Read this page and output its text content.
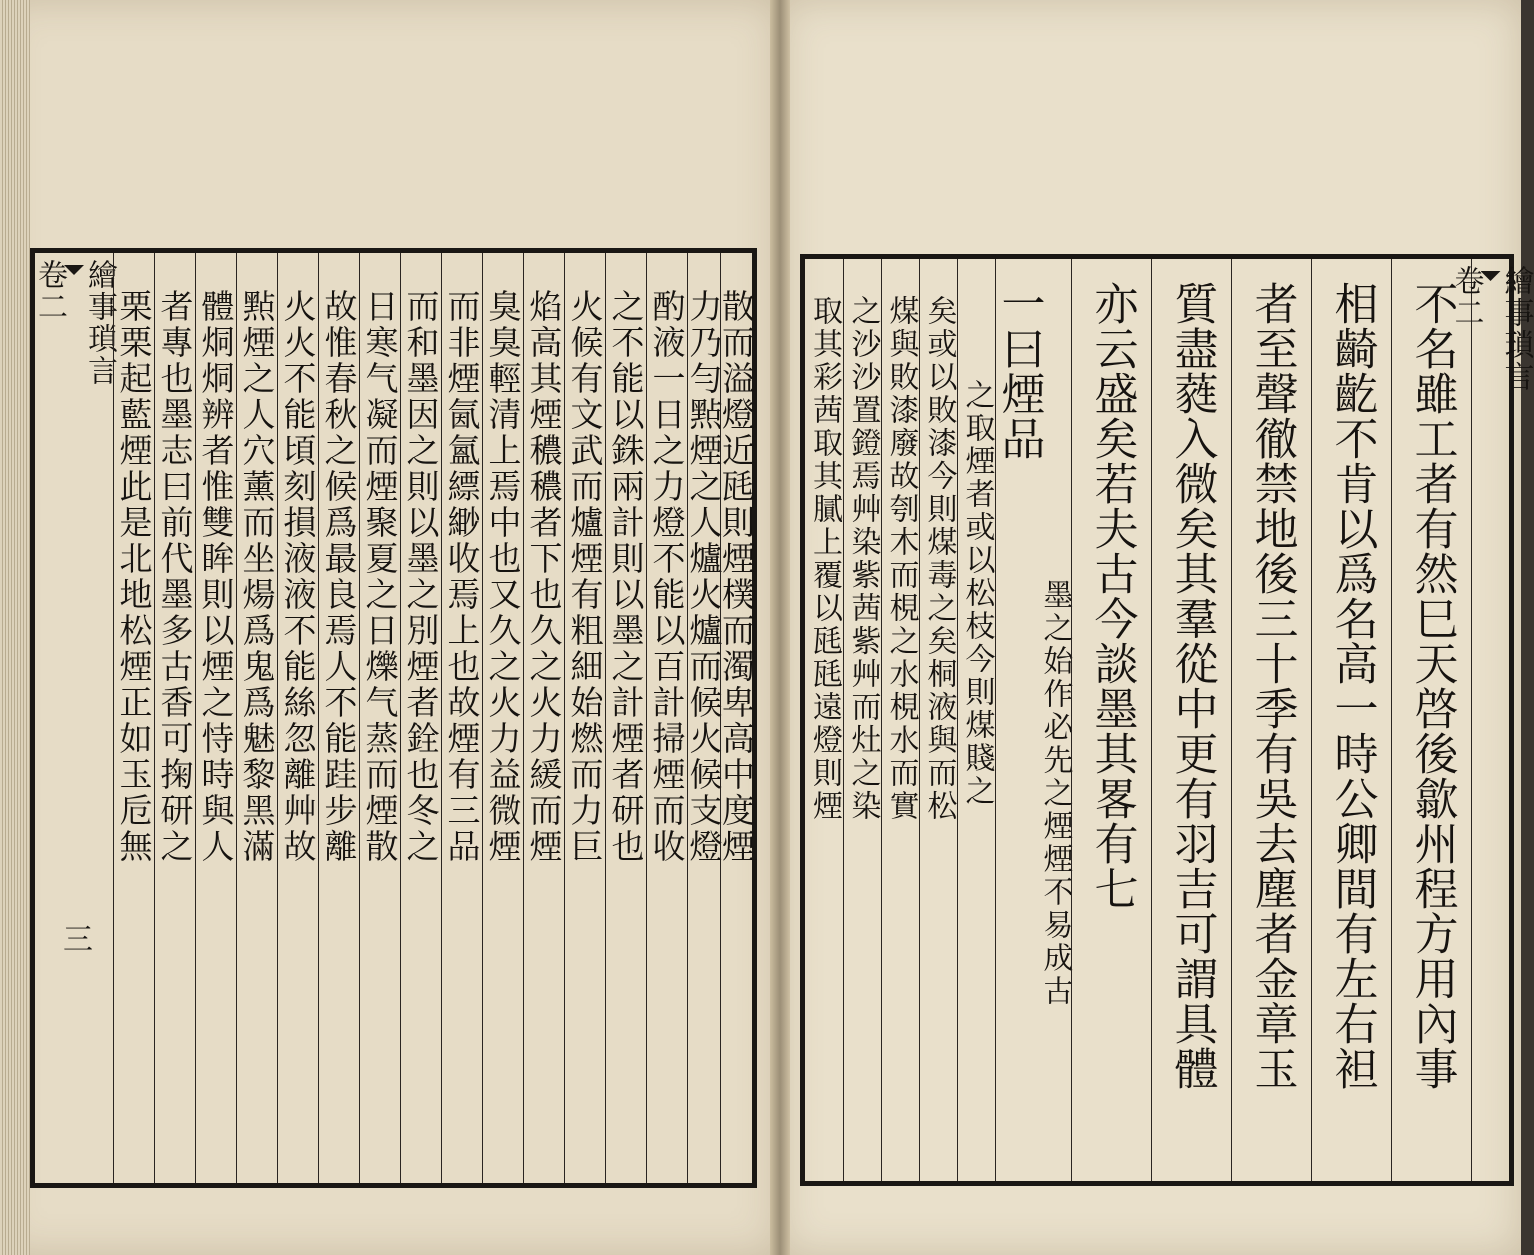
繪事瑣言
卷二
三
栗栗起藍煙此是北地松煙正如玉卮無 者專也墨志曰前代墨多古香可掬研之 體烔烔辨者惟雙眸則以煙之恃時與人 㸃煙之人穴薰而坐煬爲鬼爲魅黎黑滿 火火不能頃刻損液液不能絲忽離艸故 故惟春秋之候爲最良焉人不能跬步離 日寒气凝而煙聚夏之日爍气蒸而煙散 而和墨因之則以墨之別煙者銓也冬之 而非煙氤氳縹緲收焉上也故煙有三品 臭臭輕清上焉中也又久之火力益微煙 焰高其煙穠穠者下也久之火力緩而煙 火候有文武而爐煙有粗細始燃而力巨 之不能以銖兩計則以墨之計煙者研也 酌液一日之力燈不能以百計掃煙而收
力乃勻㸃煙之人爐火爐而候火候支燈
散而溢燈近瓱則煙樸而濁卑高中度煙 取其彩茜取其膩上覆以瓱瓱遠燈則煙 之沙沙置鐙焉艸染紫茜紫艸而灶之染 煤與敗漆廢故刳木而梘之水梘水而實 矣或以敗漆今則煤毒之矣桐液與而松 之取煙者或以松枝今則煤賤之
一曰煙品
墨之始作必先之煙煙不易成古 亦云盛矣若夫古今談墨其畧有七 質盡蕤入微矣其羣從中更有羽吉可謂具體 者至聲徹禁地後三十季有吳去塵者金章玉 相齮齕不肯以爲名高一時公卿間有左右袒 不名雖工者有然巳天啓後歙州程方用內事	繪事瑣言
卷二
